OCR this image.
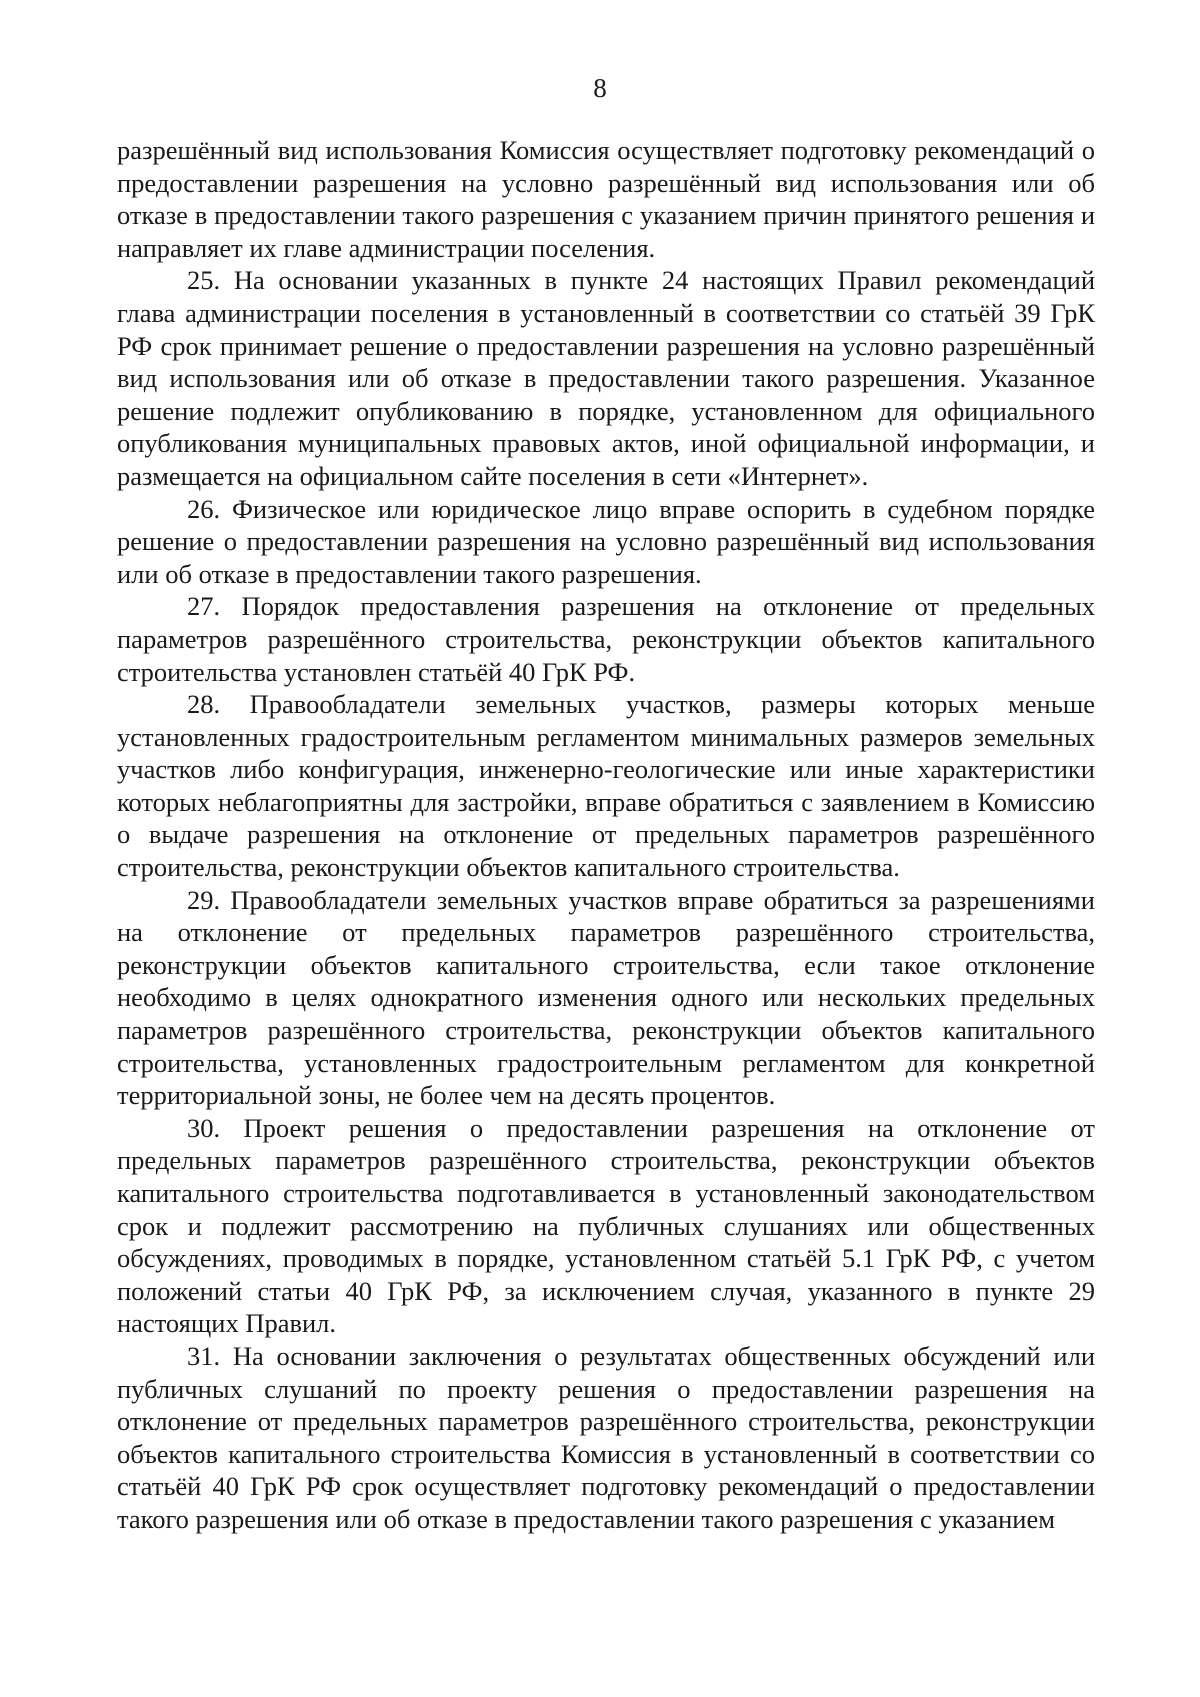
8

разрешённый вид использования Комиссия осуществляет подготовку рекомендаций о предоставлении разрешения на условно разрешённый вид использования или об отказе в предоставлении такого разрешения с указанием причин принятого решения и направляет их главе администрации поселения.

25. На основании указанных в пункте 24 настоящих Правил рекомендаций глава администрации поселения в установленный в соответствии со статьёй 39 ГрК РФ срок принимает решение о предоставлении разрешения на условно разрешённый вид использования или об отказе в предоставлении такого разрешения. Указанное решение подлежит опубликованию в порядке, установленном для официального опубликования муниципальных правовых актов, иной официальной информации, и размещается на официальном сайте поселения в сети «Интернет».

26. Физическое или юридическое лицо вправе оспорить в судебном порядке решение о предоставлении разрешения на условно разрешённый вид использования или об отказе в предоставлении такого разрешения.

27. Порядок предоставления разрешения на отклонение от предельных параметров разрешённого строительства, реконструкции объектов капитального строительства установлен статьёй 40 ГрК РФ.

28. Правообладатели земельных участков, размеры которых меньше установленных градостроительным регламентом минимальных размеров земельных участков либо конфигурация, инженерно-геологические или иные характеристики которых неблагоприятны для застройки, вправе обратиться с заявлением в Комиссию о выдаче разрешения на отклонение от предельных параметров разрешённого строительства, реконструкции объектов капитального строительства.

29. Правообладатели земельных участков вправе обратиться за разрешениями на отклонение от предельных параметров разрешённого строительства, реконструкции объектов капитального строительства, если такое отклонение необходимо в целях однократного изменения одного или нескольких предельных параметров разрешённого строительства, реконструкции объектов капитального строительства, установленных градостроительным регламентом для конкретной территориальной зоны, не более чем на десять процентов.

30. Проект решения о предоставлении разрешения на отклонение от предельных параметров разрешённого строительства, реконструкции объектов капитального строительства подготавливается в установленный законодательством срок и подлежит рассмотрению на публичных слушаниях или общественных обсуждениях, проводимых в порядке, установленном статьёй 5.1 ГрК РФ, с учетом положений статьи 40 ГрК РФ, за исключением случая, указанного в пункте 29 настоящих Правил.

31. На основании заключения о результатах общественных обсуждений или публичных слушаний по проекту решения о предоставлении разрешения на отклонение от предельных параметров разрешённого строительства, реконструкции объектов капитального строительства Комиссия в установленный в соответствии со статьёй 40 ГрК РФ срок осуществляет подготовку рекомендаций о предоставлении такого разрешения или об отказе в предоставлении такого разрешения с указанием
